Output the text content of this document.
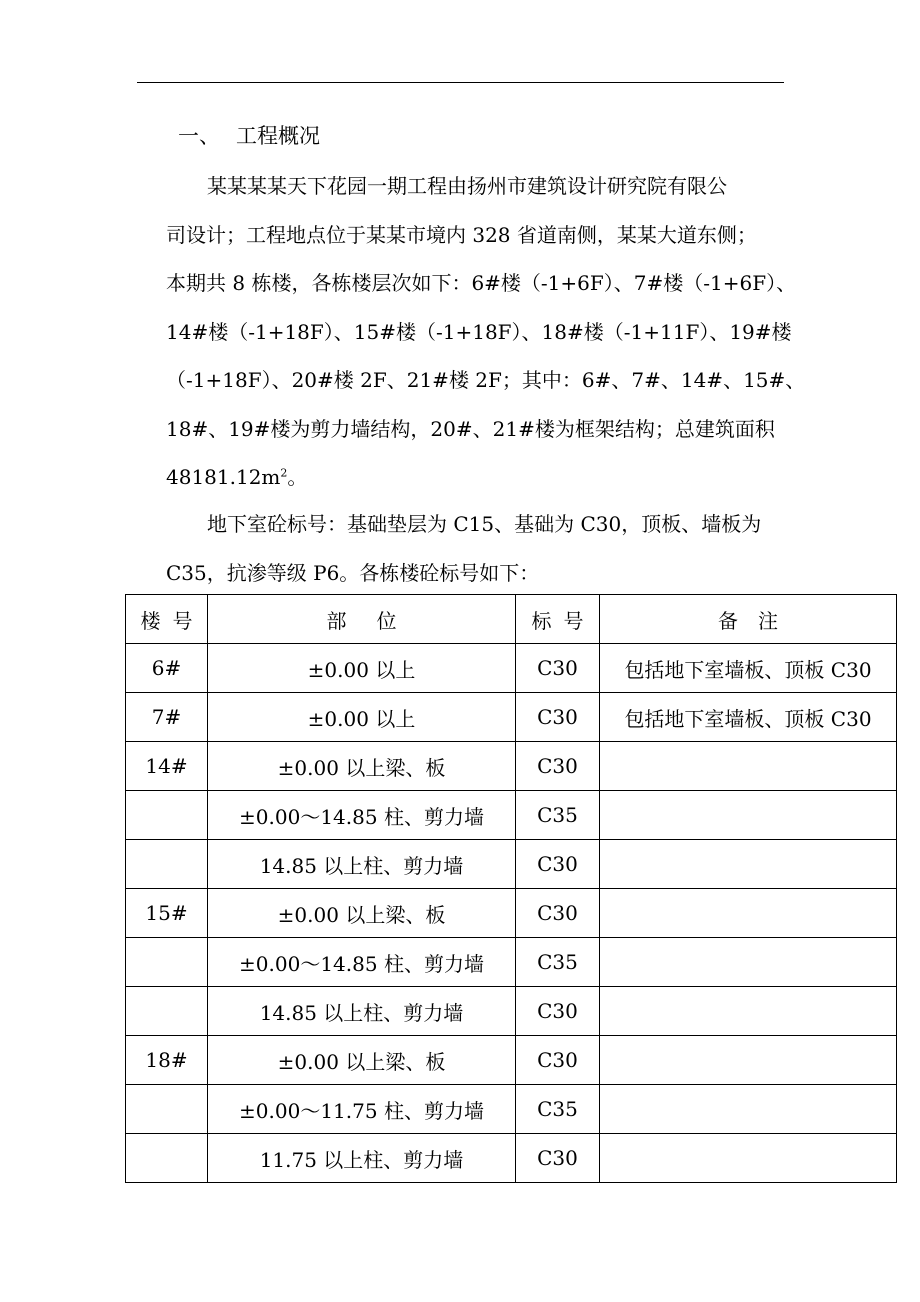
一、 工程概况
某某某某天下花园一期工程由扬州市建筑设计研究院有限公
司设计；工程地点位于某某市境内 328 省道南侧，某某大道东侧；
本期共 8 栋楼，各栋楼层次如下：6#楼（-1+6F）、7#楼（-1+6F）、
14#楼（-1+18F）、15#楼（-1+18F）、18#楼（-1+11F）、19#楼
（-1+18F）、20#楼 2F、21#楼 2F；其中：6#、7#、14#、15#、
18#、19#楼为剪力墙结构，20#、21#楼为框架结构；总建筑面积
$48181.12m^2$。
地下室砼标号：基础垫层为 C15、基础为 C30，顶板、墙板为
C35，抗渗等级 P6。各栋楼砼标号如下：
楼号	部位	标号	备注
6#	±0.00 以上	C30	包括地下室墙板、顶板 C30
7#	±0.00 以上	C30	包括地下室墙板、顶板 C30
14#	±0.00 以上梁、板	C30	
	±0.00～14.85 柱、剪力墙	C35	
	14.85 以上柱、剪力墙	C30	
15#	±0.00 以上梁、板	C30	
	±0.00～14.85 柱、剪力墙	C35	
	14.85 以上柱、剪力墙	C30	
18#	±0.00 以上梁、板	C30	
	±0.00～11.75 柱、剪力墙	C35	
	11.75 以上柱、剪力墙	C30	
